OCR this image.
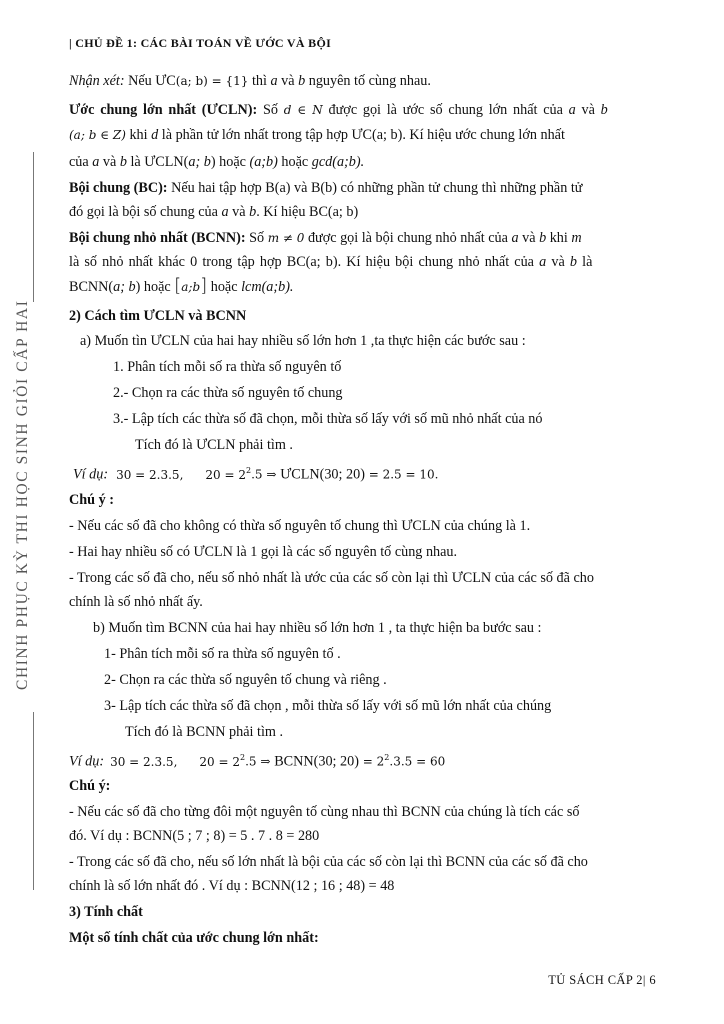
| CHỦ ĐỀ 1: CÁC BÀI TOÁN VỀ ƯỚC VÀ BỘI
CHINH PHỤC KỲ THI HỌC SINH GIỎI CẤP HAI
Nhận xét: Nếu ƯC(a; b) = {1} thì a và b nguyên tố cùng nhau.
Ước chung lớn nhất (ƯCLN): Số d ∈ N được gọi là ước số chung lớn nhất của a và b
(a; b ∈ Z) khi d là phần tử lớn nhất trong tập hợp ƯC(a; b). Kí hiệu ước chung lớn nhất
của a và b là ƯCLN(a; b) hoặc (a;b) hoặc gcd(a;b).
Bội chung (BC): Nếu hai tập hợp B(a) và B(b) có những phần tử chung thì những phần tử
đó gọi là bội số chung của a và b. Kí hiệu BC(a; b)
Bội chung nhỏ nhất (BCNN): Số m ≠ 0 được gọi là bội chung nhỏ nhất của a và b khi m
là số nhỏ nhất khác 0 trong tập hợp BC(a; b). Kí hiệu bội chung nhỏ nhất của a và b là
BCNN(a; b) hoặc [a;b] hoặc lcm(a;b).
2) Cách tìm ƯCLN và BCNN
a) Muốn tìn ƯCLN của hai hay nhiều số lớn hơn 1 ,ta thực hiện các bước sau :
1. Phân tích mỗi số ra thừa số nguyên tố
2.- Chọn ra các thừa số nguyên tố chung
3.- Lập tích các thừa số đã chọn, mỗi thừa số lấy với số mũ nhỏ nhất của nó
Tích đó là ƯCLN phải tìm .
Ví dụ: 30 = 2.3.5, $20 = 2^2.5$ ⇒ ƯCLN(30; 20) = 2.5 = 10.
Chú ý :
- Nếu các số đã cho không có thừa số nguyên tố chung thì ƯCLN của chúng là 1.
- Hai hay nhiều số có ƯCLN là 1 gọi là các số nguyên tố cùng nhau.
- Trong các số đã cho, nếu số nhỏ nhất là ước của các số còn lại thì ƯCLN của các số đã cho
chính là số nhỏ nhất ấy.
b) Muốn tìm BCNN của hai hay nhiều số lớn hơn 1 , ta thực hiện ba bước sau :
1- Phân tích mỗi số ra thừa số nguyên tố .
2- Chọn ra các thừa số nguyên tố chung và riêng .
3- Lập tích các thừa số đã chọn , mỗi thừa số lấy với số mũ lớn nhất của chúng
Tích đó là BCNN phải tìm .
Ví dụ: 30 = 2.3.5, $20 = 2^2.5$ ⇒ BCNN(30; $20) = 2^2.3.5 = 60$
Chú ý:
- Nếu các số đã cho từng đôi một nguyên tố cùng nhau thì BCNN của chúng là tích các số
đó. Ví dụ : BCNN(5 ; 7 ; 8) = 5 . 7 . 8 = 280
- Trong các số đã cho, nếu số lớn nhất là bội của các số còn lại thì BCNN của các số đã cho
chính là số lớn nhất đó . Ví dụ : BCNN(12 ; 16 ; 48) = 48
3) Tính chất
Một số tính chất của ước chung lớn nhất:
TỦ SÁCH CẤP 2| 6
